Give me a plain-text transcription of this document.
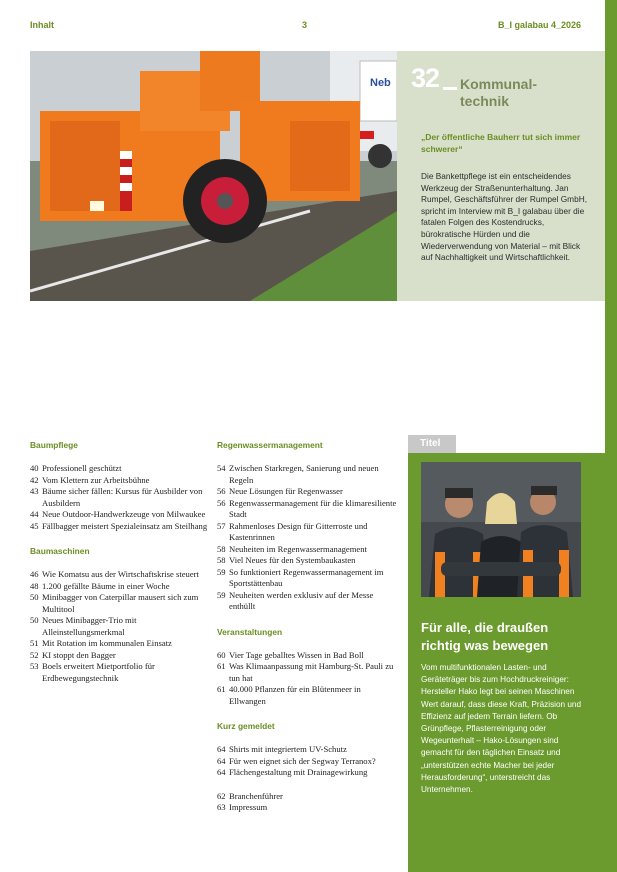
Inhalt	3	B_I galabau 4_2026
Neb 32 Kommunal-
technik
„Der öffentliche Bauherr tut sich immer schwerer“
Die Bankettpflege ist ein entscheidendes Werkzeug der Straßenunterhaltung. Jan Rumpel, Geschäftsführer der Rumpel GmbH, spricht im Interview mit B_I galabau über die fatalen Folgen des Kostendrucks, bürokratische Hürden und die Wiederverwendung von Material – mit Blick auf Nachhaltigkeit und Wirtschaftlichkeit.
Baumpflege
40 Professionell geschützt
42 Vom Klettern zur Arbeitsbühne
43 Bäume sicher fällen: Kursus für Ausbilder von Ausbildern
44 Neue Outdoor-Handwerkzeuge von Milwaukee
45 Fällbagger meistert Spezialeinsatz am Steilhang
Baumaschinen
46 Wie Komatsu aus der Wirtschaftskrise steuert
48 1.200 gefällte Bäume in einer Woche
50 Minibagger von Caterpillar mausert sich zum Multitool
50 Neues Minibagger-Trio mit Alleinstellungsmerkmal
51 Mit Rotation im kommunalen Einsatz
52 KI stoppt den Bagger
53 Boels erweitert Mietportfolio für Erdbewegungstechnik
Regenwassermanagement
54 Zwischen Starkregen, Sanierung und neuen Regeln
56 Neue Lösungen für Regenwasser
56 Regenwassermanagement für die klimaresiliente Stadt
57 Rahmenloses Design für Gitterroste und Kastenrinnen
58 Neuheiten im Regenwassermanagement
58 Viel Neues für den Systembaukasten
59 So funktioniert Regenwassermanagement im Sportstättenbau
59 Neuheiten werden exklusiv auf der Messe enthüllt
Veranstaltungen
60 Vier Tage geballtes Wissen in Bad Boll
61 Was Klimaanpassung mit Hamburg-St. Pauli zu tun hat
61 40.000 Pflanzen für ein Blütenmeer in Ellwangen
Kurz gemeldet
64 Shirts mit integriertem UV-Schutz
64 Für wen eignet sich der Segway Terranox?
64 Flächengestaltung mit Drainagewirkung
62 Branchenführer
63 Impressum
Titel
Für alle, die draußen richtig was bewegen
Vom multifunktionalen Lasten- und Geräteträger bis zum Hochdruckreiniger: Hersteller Hako legt bei seinen Maschinen Wert darauf, dass diese Kraft, Präzision und Effizienz auf jedem Terrain liefern. Ob Grünpflege, Pflasterreinigung oder Wegeunterhalt – Hako-Lösungen sind gemacht für den täglichen Einsatz und „unterstützen echte Macher bei jeder Herausforderung“, unterstreicht das Unternehmen.
